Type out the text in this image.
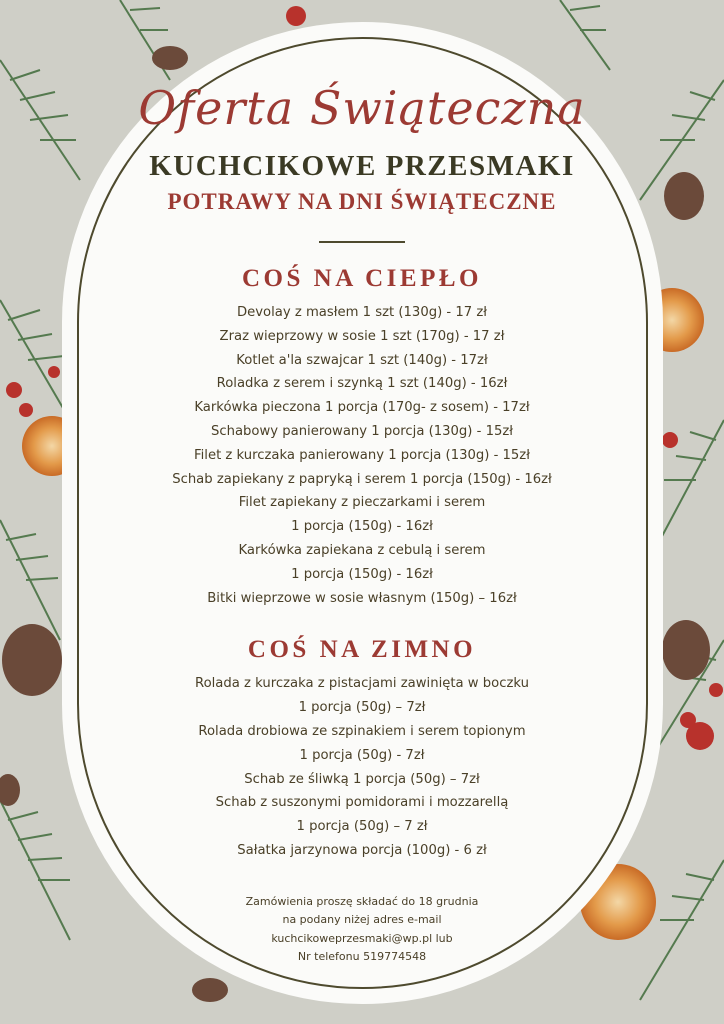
Oferta Świąteczna
KUCHCIKOWE PRZESMAKI
POTRAWY NA DNI ŚWIĄTECZNE
COŚ NA CIEPŁO
Devolay z masłem 1 szt (130g) - 17 zł
Zraz wieprzowy w sosie 1 szt (170g) - 17 zł
Kotlet a'la szwajcar 1 szt (140g) - 17zł
Roladka z serem i szynką 1 szt (140g) - 16zł
Karkówka pieczona 1 porcja (170g- z sosem) - 17zł
Schabowy panierowany 1 porcja (130g) - 15zł
Filet z kurczaka panierowany 1 porcja (130g) - 15zł
Schab zapiekany z papryką i serem 1 porcja (150g) - 16zł
Filet zapiekany z pieczarkami i serem
1 porcja (150g) - 16zł
Karkówka zapiekana z cebulą i serem
1 porcja (150g) - 16zł
Bitki wieprzowe w sosie własnym (150g) – 16zł
COŚ NA ZIMNO
Rolada z kurczaka z pistacjami zawinięta w boczku
1 porcja (50g) – 7zł
Rolada drobiowa ze szpinakiem i serem topionym
1 porcja (50g) - 7zł
Schab ze śliwką 1 porcja (50g) – 7zł
Schab z suszonymi pomidorami i mozzarellą
1 porcja (50g) – 7 zł
Sałatka jarzynowa porcja (100g) - 6 zł
Zamówienia proszę składać do 18 grudnia
na podany niżej adres e-mail
kuchcikoweprzesmaki@wp.pl lub
Nr telefonu 519774548
